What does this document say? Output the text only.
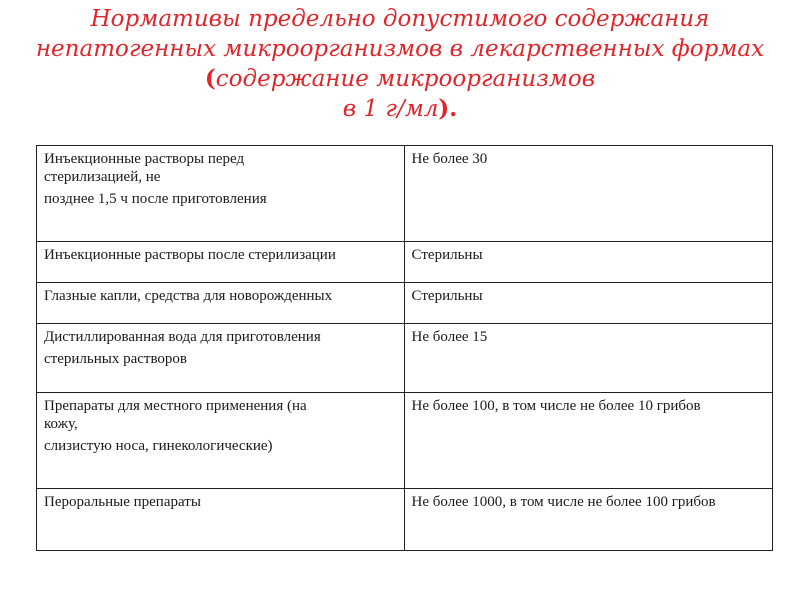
Нормативы предельно допустимого содержания
непатогенных микроорганизмов в лекарственных формах
(содержание микроорганизмов
в 1 г/мл).
Инъекционные растворы перед
стерилизацией, не
позднее 1,5 ч после приготовления	Не более 30

Инъекционные растворы после стерилизации	Стерильны

Глазные капли, средства для новорожденных	Стерильны

Дистиллированная вода для приготовления
стерильных растворов	Не более 15

Препараты для местного применения (на
кожу,
слизистую носа, гинекологические)	Не более 100, в том числе не более 10 грибов

Пероральные препараты	Не более 1000, в том числе не более 100 грибов
